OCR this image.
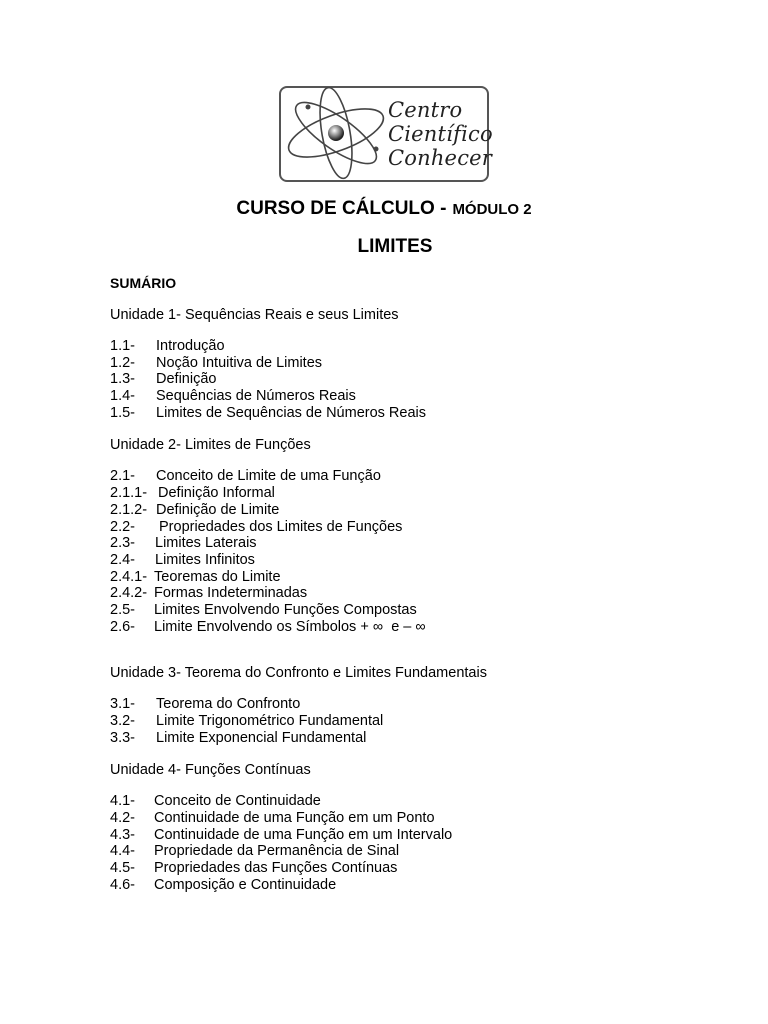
Centro
Científico
Conhecer
CURSO DE CÁLCULO - MÓDULO 2
LIMITES
SUMÁRIO
Unidade 1- Sequências Reais e seus Limites
1.1- Introdução
1.2- Noção Intuitiva de Limites
1.3- Definição
1.4- Sequências de Números Reais
1.5- Limites de Sequências de Números Reais
Unidade 2- Limites de Funções
2.1- Conceito de Limite de uma Função
2.1.1- Definição Informal
2.1.2- Definição de Limite
2.2- Propriedades dos Limites de Funções
2.3- Limites Laterais
2.4- Limites Infinitos
2.4.1- Teoremas do Limite
2.4.2- Formas Indeterminadas
2.5- Limites Envolvendo Funções Compostas
2.6- Limite Envolvendo os Símbolos + ∞  e – ∞
Unidade 3- Teorema do Confronto e Limites Fundamentais
3.1- Teorema do Confronto
3.2- Limite Trigonométrico Fundamental
3.3- Limite Exponencial Fundamental
Unidade 4- Funções Contínuas
4.1- Conceito de Continuidade
4.2- Continuidade de uma Função em um Ponto
4.3- Continuidade de uma Função em um Intervalo
4.4- Propriedade da Permanência de Sinal
4.5- Propriedades das Funções Contínuas
4.6- Composição e Continuidade
